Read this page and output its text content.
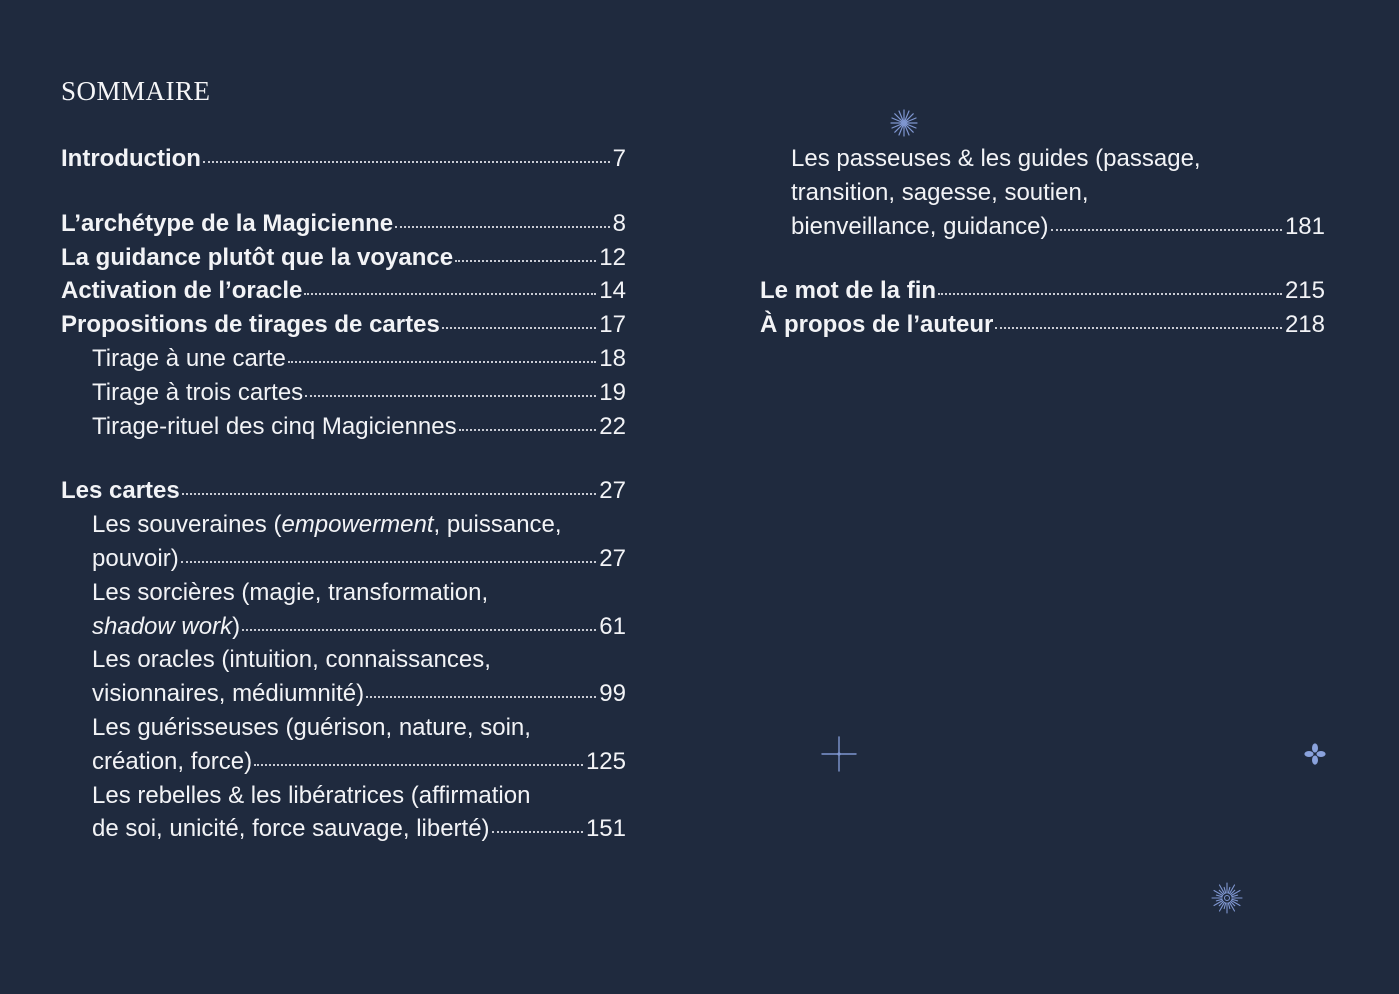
SOMMAIRE
Introduction	7
L’archétype de la Magicienne	8
La guidance plutôt que la voyance	12
Activation de l’oracle	14
Propositions de tirages de cartes	17
Tirage à une carte	18
Tirage à trois cartes	19
Tirage-rituel des cinq Magiciennes	22
Les cartes	27
Les souveraines (empowerment, puissance,
pouvoir)	27
Les sorcières (magie, transformation,
shadow work)	61
Les oracles (intuition, connaissances,
visionnaires, médiumnité)	99
Les guérisseuses (guérison, nature, soin,
création, force)	125
Les rebelles & les libératrices (affirmation
de soi, unicité, force sauvage, liberté)	151
Les passeuses & les guides (passage,
transition, sagesse, soutien,
bienveillance, guidance)	181
Le mot de la fin	215
À propos de l’auteur	218
